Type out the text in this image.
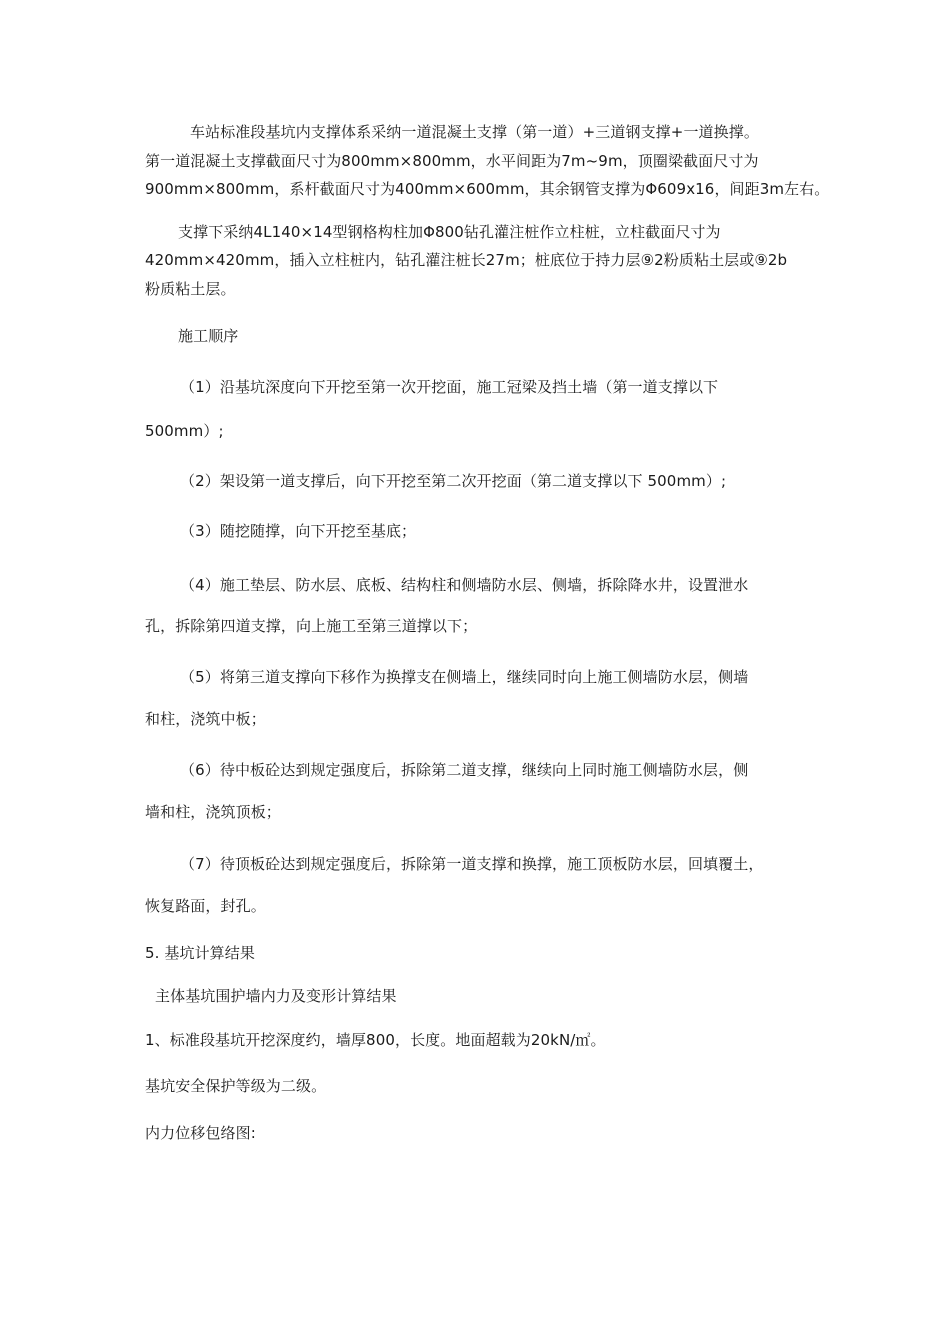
车站标准段基坑内支撑体系采纳一道混凝土支撑（第一道）+三道钢支撑+一道换撑。

第一道混凝土支撑截面尺寸为800mm×800mm，水平间距为7m~9m，顶圈梁截面尺寸为

900mm×800mm，系杆截面尺寸为400mm×600mm，其余钢管支撑为Φ609x16，间距3m左右。

支撑下采纳4L140×14型钢格构柱加Φ800钻孔灌注桩作立柱桩，立柱截面尺寸为

420mm×420mm，插入立柱桩内，钻孔灌注桩长27m；桩底位于持力层⑨2粉质粘土层或⑨2b

粉质粘土层。

施工顺序

（1）沿基坑深度向下开挖至第一次开挖面，施工冠梁及挡土墙（第一道支撑以下

500mm）;

（2）架设第一道支撑后，向下开挖至第二次开挖面（第二道支撑以下 500mm）;

（3）随挖随撑，向下开挖至基底；

（4）施工垫层、防水层、底板、结构柱和侧墙防水层、侧墙，拆除降水井，设置泄水

孔，拆除第四道支撑，向上施工至第三道撑以下；

（5）将第三道支撑向下移作为换撑支在侧墙上，继续同时向上施工侧墙防水层，侧墙

和柱，浇筑中板；

（6）待中板砼达到规定强度后，拆除第二道支撑，继续向上同时施工侧墙防水层，侧

墙和柱，浇筑顶板；

（7）待顶板砼达到规定强度后，拆除第一道支撑和换撑，施工顶板防水层，回填覆土，

恢复路面，封孔。

5. 基坑计算结果

主体基坑围护墙内力及变形计算结果

1、标准段基坑开挖深度约，墙厚800，长度。地面超载为20kN/㎡。

基坑安全保护等级为二级。

内力位移包络图:
